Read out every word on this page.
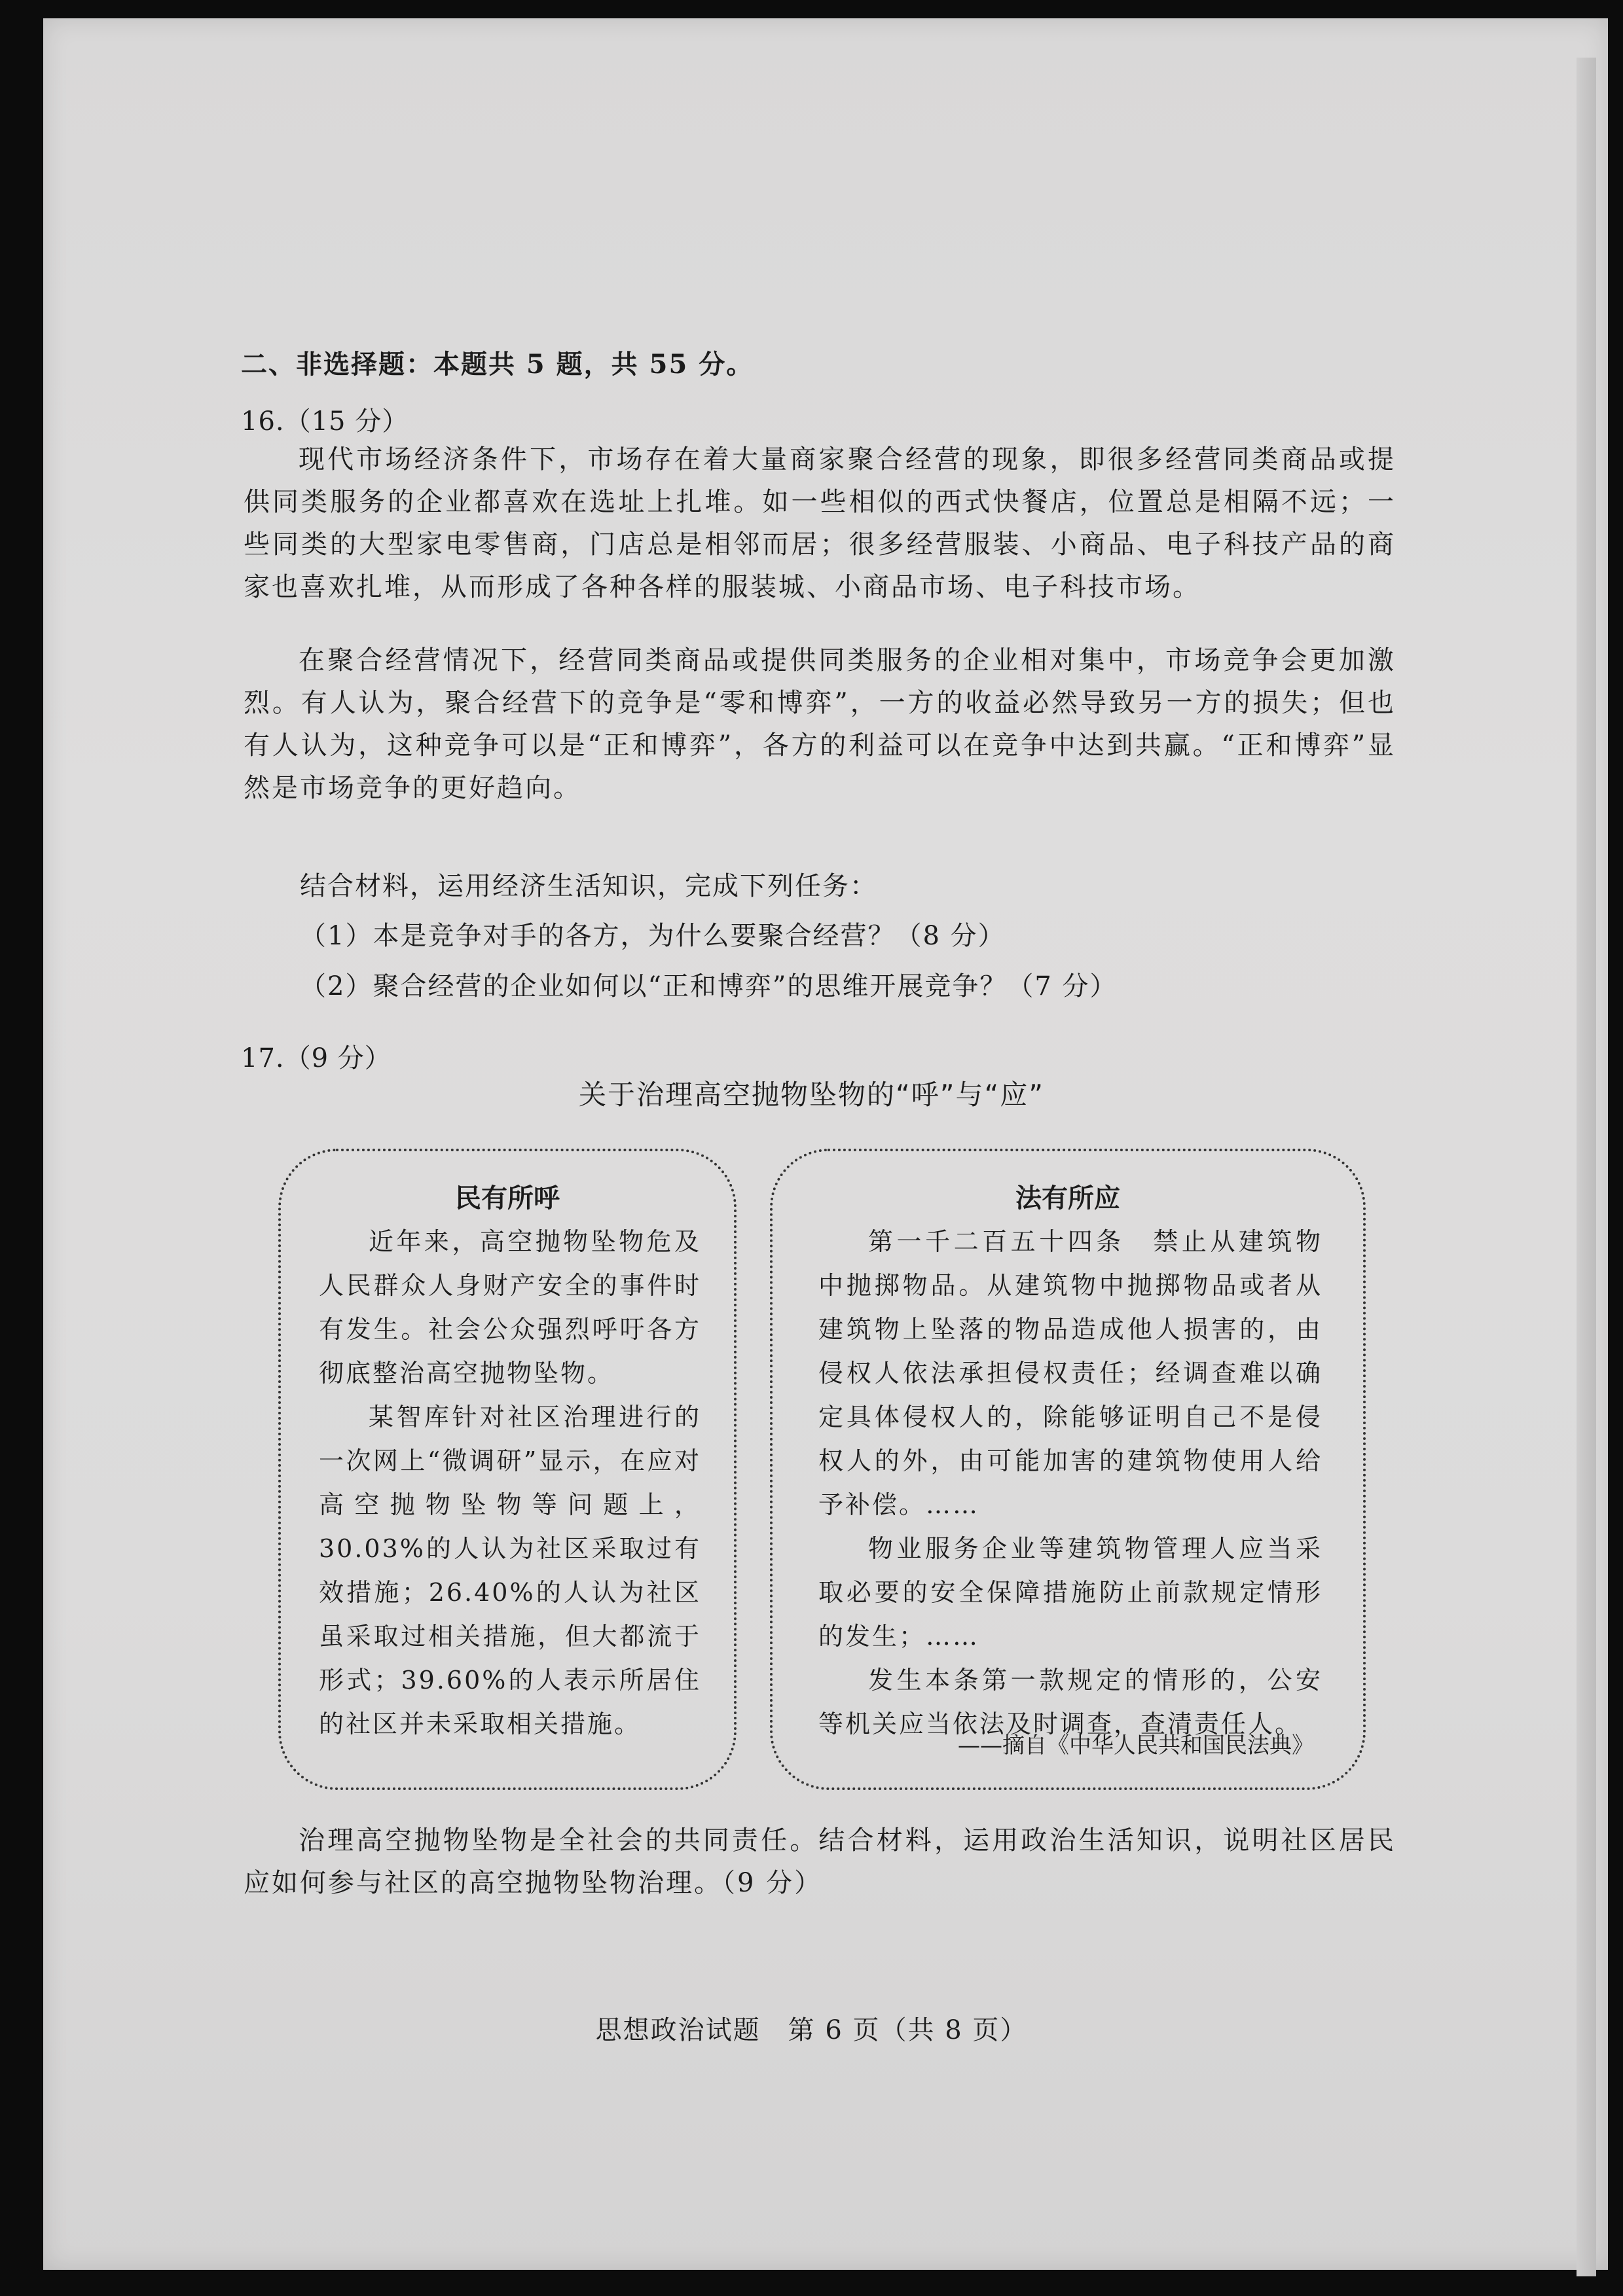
二、非选择题：本题共 5 题，共 55 分。
16.（15 分）

现代市场经济条件下，市场存在着大量商家聚合经营的现象，即很多经营同类商品或提供同类服务的企业都喜欢在选址上扎堆。如一些相似的西式快餐店，位置总是相隔不远；一些同类的大型家电零售商，门店总是相邻而居；很多经营服装、小商品、电子科技产品的商家也喜欢扎堆，从而形成了各种各样的服装城、小商品市场、电子科技市场。

在聚合经营情况下，经营同类商品或提供同类服务的企业相对集中，市场竞争会更加激烈。有人认为，聚合经营下的竞争是“零和博弈”，一方的收益必然导致另一方的损失；但也有人认为，这种竞争可以是“正和博弈”，各方的利益可以在竞争中达到共赢。“正和博弈”显然是市场竞争的更好趋向。

结合材料，运用经济生活知识，完成下列任务：
（1）本是竞争对手的各方，为什么要聚合经营？（8 分）
（2）聚合经营的企业如何以“正和博弈”的思维开展竞争？（7 分）
17.（9 分）
关于治理高空抛物坠物的“呼”与“应”
民有所呼

近年来，高空抛物坠物危及人民群众人身财产安全的事件时有发生。社会公众强烈呼吁各方彻底整治高空抛物坠物。

某智库针对社区治理进行的一次网上“微调研”显示，在应对高空抛物坠物等问题上，30.03%的人认为社区采取过有效措施；26.40%的人认为社区虽采取过相关措施，但大都流于形式；39.60%的人表示所居住的社区并未采取相关措施。

法有所应

第一千二百五十四条　禁止从建筑物中抛掷物品。从建筑物中抛掷物品或者从建筑物上坠落的物品造成他人损害的，由侵权人依法承担侵权责任；经调查难以确定具体侵权人的，除能够证明自己不是侵权人的外，由可能加害的建筑物使用人给予补偿。……

物业服务企业等建筑物管理人应当采取必要的安全保障措施防止前款规定情形的发生；……

发生本条第一款规定的情形的，公安等机关应当依法及时调查，查清责任人。

——摘自《中华人民共和国民法典》

治理高空抛物坠物是全社会的共同责任。结合材料，运用政治生活知识，说明社区居民应如何参与社区的高空抛物坠物治理。（9 分）

思想政治试题　第 6 页（共 8 页）
